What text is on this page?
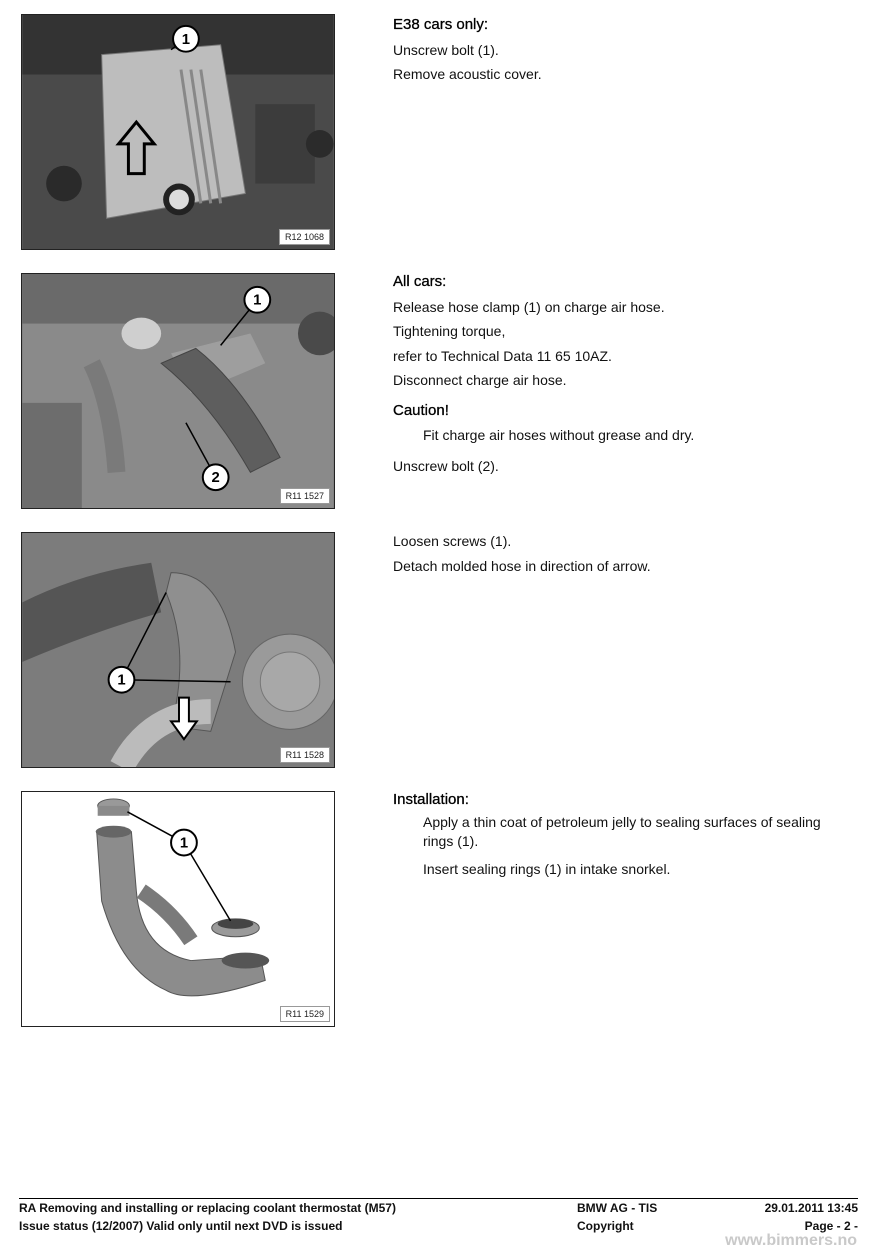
1
R12 1068
E38 cars only:
Unscrew bolt (1).
Remove acoustic cover.
1
2
R11 1527
All cars:
Release hose clamp (1) on charge air hose.
Tightening torque,
refer to Technical Data 11 65 10AZ.
Disconnect charge air hose.
Caution!
Fit charge air hoses without grease and dry.
Unscrew bolt (2).
1
R11 1528
Loosen screws (1).
Detach molded hose in direction of arrow.
1
R11 1529
Installation:
Apply a thin coat of petroleum jelly to sealing surfaces of sealing rings (1).
Insert sealing rings (1) in intake snorkel.
RA Removing and installing or replacing coolant thermostat (M57)	BMW AG - TIS	29.01.2011 13:45
Issue status (12/2007) Valid only until next DVD is issued	Copyright	Page - 2 -
www.bimmers.no
